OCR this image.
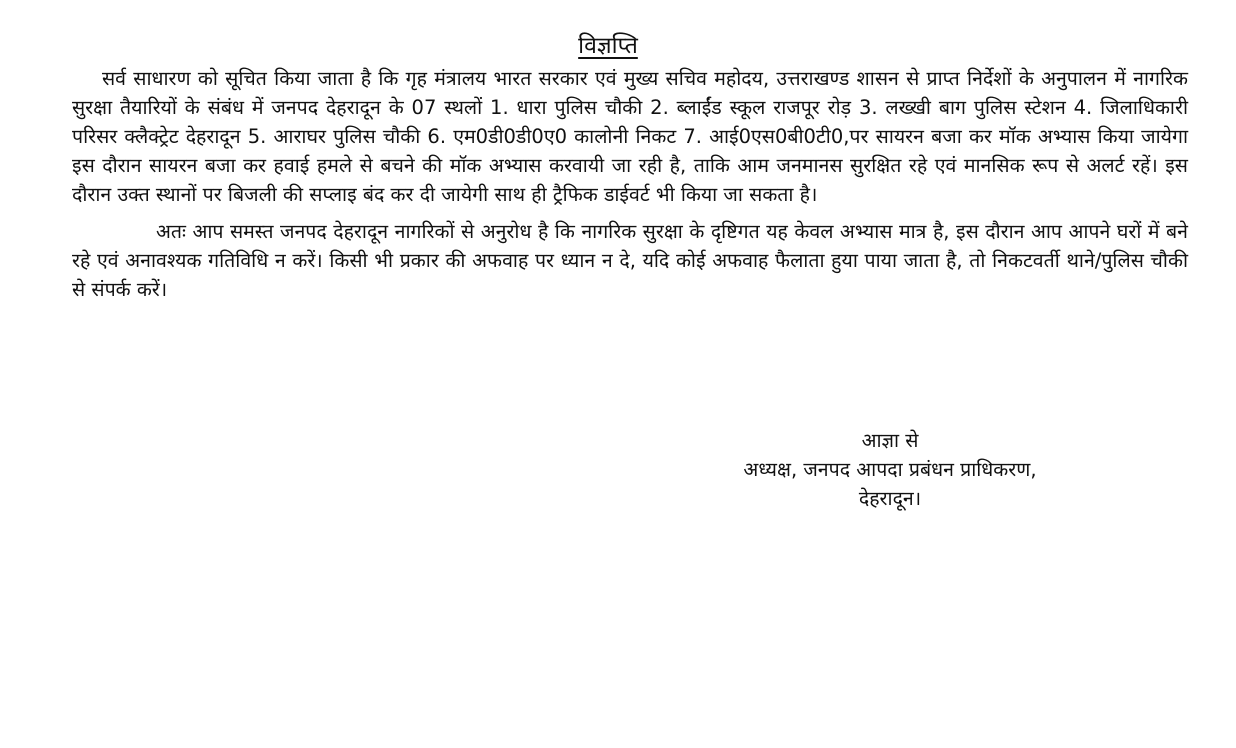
विज्ञप्ति

सर्व साधारण को सूचित किया जाता है कि गृह मंत्रालय भारत सरकार एवं मुख्य सचिव महोदय, उत्तराखण्ड शासन से प्राप्त निर्देशों के अनुपालन में नागरिक सुरक्षा तैयारियों के संबंध में जनपद देहरादून के 07 स्थलों 1. धारा पुलिस चौकी 2. ब्लाईंड स्कूल राजपूर रोड़ 3. लख्खी बाग पुलिस स्टेशन 4. जिलाधिकारी परिसर क्लैक्ट्रेट देहरादून 5. आराघर पुलिस चौकी 6. एम0डी0डी0ए0 कालोनी निकट 7. आई0एस0बी0टी0,पर सायरन बजा कर मॉक अभ्यास किया जायेगा इस दौरान सायरन बजा कर हवाई हमले से बचने की मॉक अभ्यास करवायी जा रही है, ताकि आम जनमानस सुरक्षित रहे एवं मानसिक रूप से अलर्ट रहें। इस दौरान उक्त स्थानों पर बिजली की सप्लाइ बंद कर दी जायेगी साथ ही ट्रैफिक डाईवर्ट भी किया जा सकता है।

अतः आप समस्त जनपद देहरादून नागरिकों से अनुरोध है कि नागरिक सुरक्षा के दृष्टिगत यह केवल अभ्यास मात्र है, इस दौरान आप आपने घरों में बने रहे एवं अनावश्यक गतिविधि न करें। किसी भी प्रकार की अफवाह पर ध्यान न दे, यदि कोई अफवाह फैलाता हुया पाया जाता है, तो निकटवर्ती थाने/पुलिस चौकी से संपर्क करें।

आज्ञा से
अध्यक्ष, जनपद आपदा प्रबंधन प्राधिकरण,
देहरादून।
